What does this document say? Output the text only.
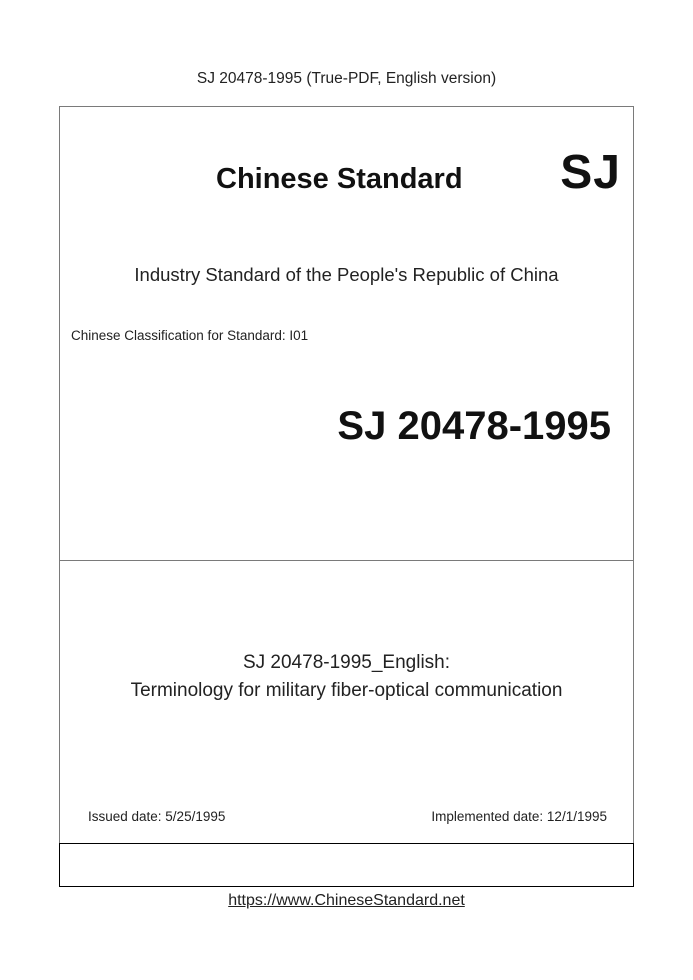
SJ 20478-1995 (True-PDF, English version)
Chinese Standard SJ
Industry Standard of the People's Republic of China
Chinese Classification for Standard: I01
SJ 20478-1995
SJ 20478-1995_English:
Terminology for military fiber-optical communication
Issued date: 5/25/1995	Implemented date: 12/1/1995
https://www.ChineseStandard.net
